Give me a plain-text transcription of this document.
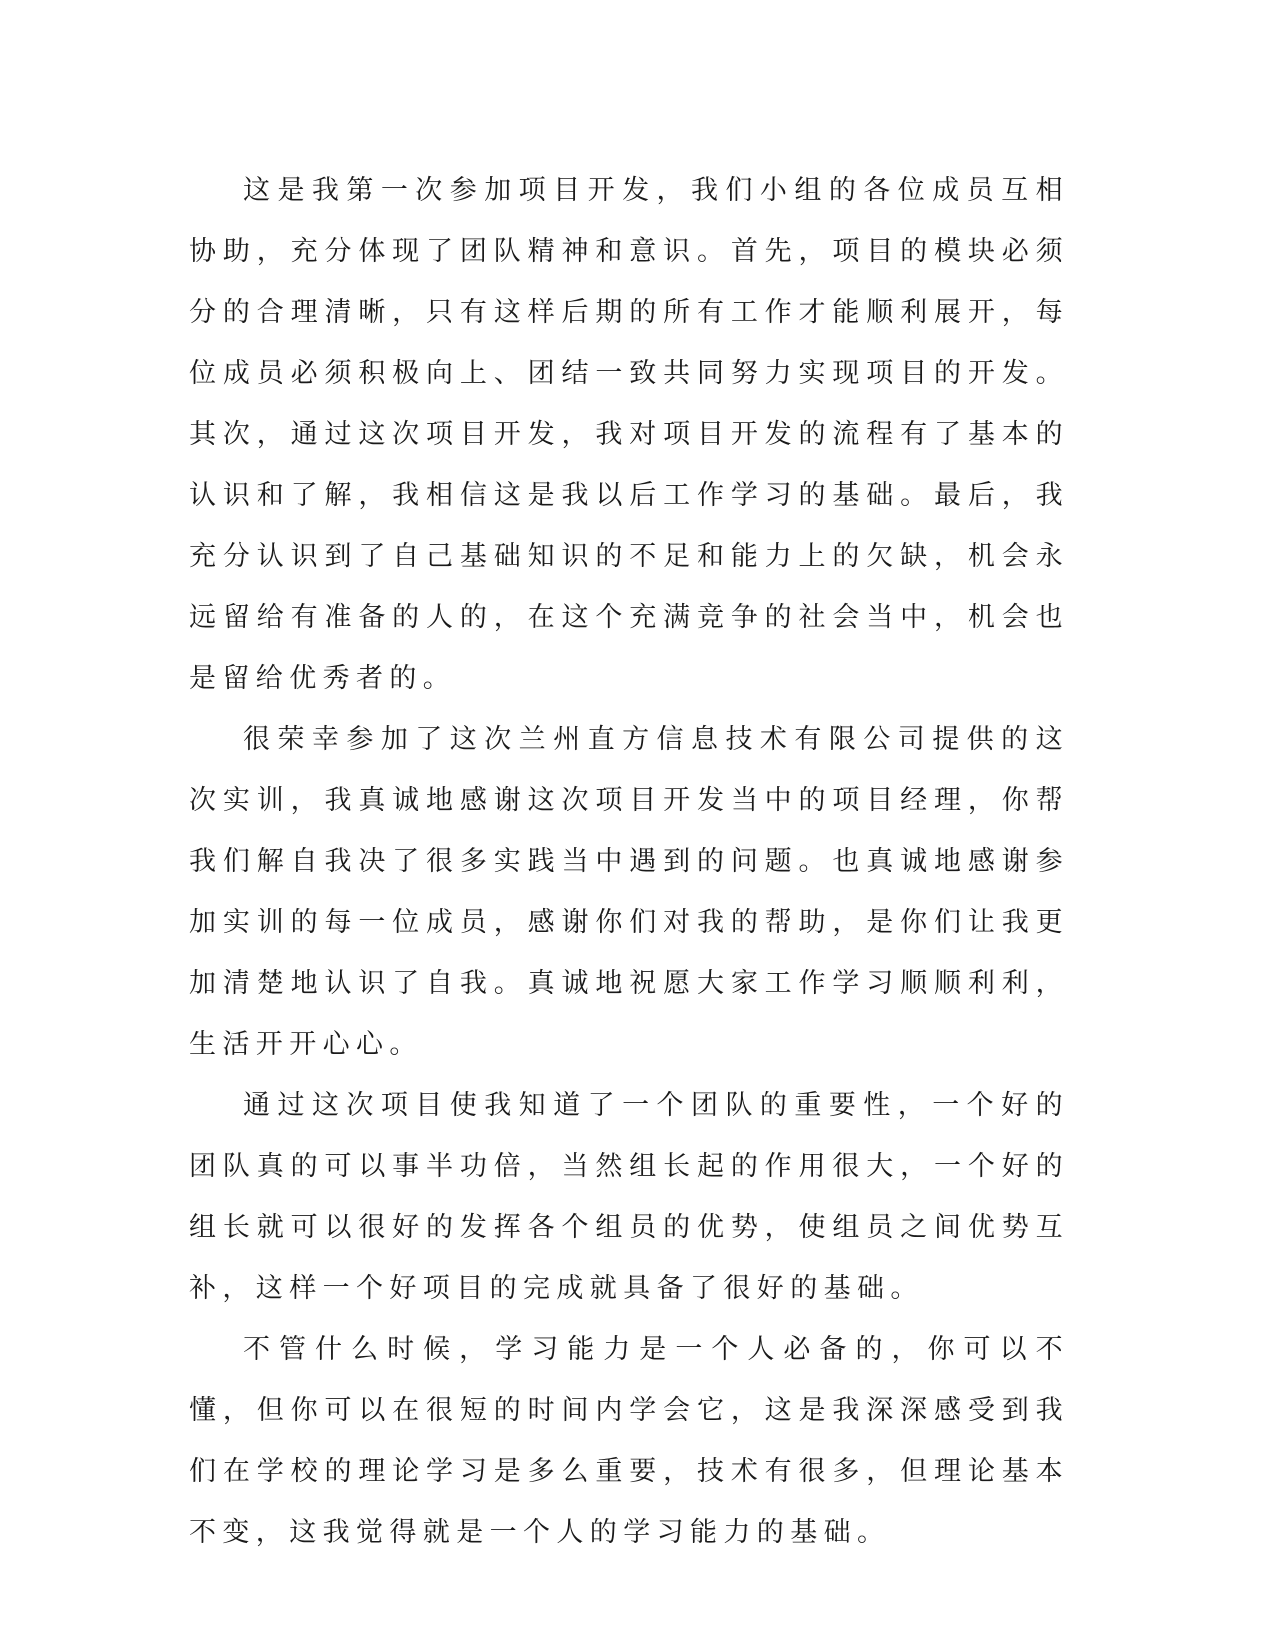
这是我第一次参加项目开发，我们小组的各位成员互相协助，充分体现了团队精神和意识。首先，项目的模块必须分的合理清晰，只有这样后期的所有工作才能顺利展开，每位成员必须积极向上、团结一致共同努力实现项目的开发。其次，通过这次项目开发，我对项目开发的流程有了基本的认识和了解，我相信这是我以后工作学习的基础。最后，我充分认识到了自己基础知识的不足和能力上的欠缺，机会永远留给有准备的人的，在这个充满竞争的社会当中，机会也是留给优秀者的。

很荣幸参加了这次兰州直方信息技术有限公司提供的这次实训，我真诚地感谢这次项目开发当中的项目经理，你帮我们解自我决了很多实践当中遇到的问题。也真诚地感谢参加实训的每一位成员，感谢你们对我的帮助，是你们让我更加清楚地认识了自我。真诚地祝愿大家工作学习顺顺利利，生活开开心心。

通过这次项目使我知道了一个团队的重要性，一个好的团队真的可以事半功倍，当然组长起的作用很大，一个好的组长就可以很好的发挥各个组员的优势，使组员之间优势互补，这样一个好项目的完成就具备了很好的基础。

不管什么时候，学习能力是一个人必备的，你可以不懂，但你可以在很短的时间内学会它，这是我深深感受到我们在学校的理论学习是多么重要，技术有很多，但理论基本不变，这我觉得就是一个人的学习能力的基础。
